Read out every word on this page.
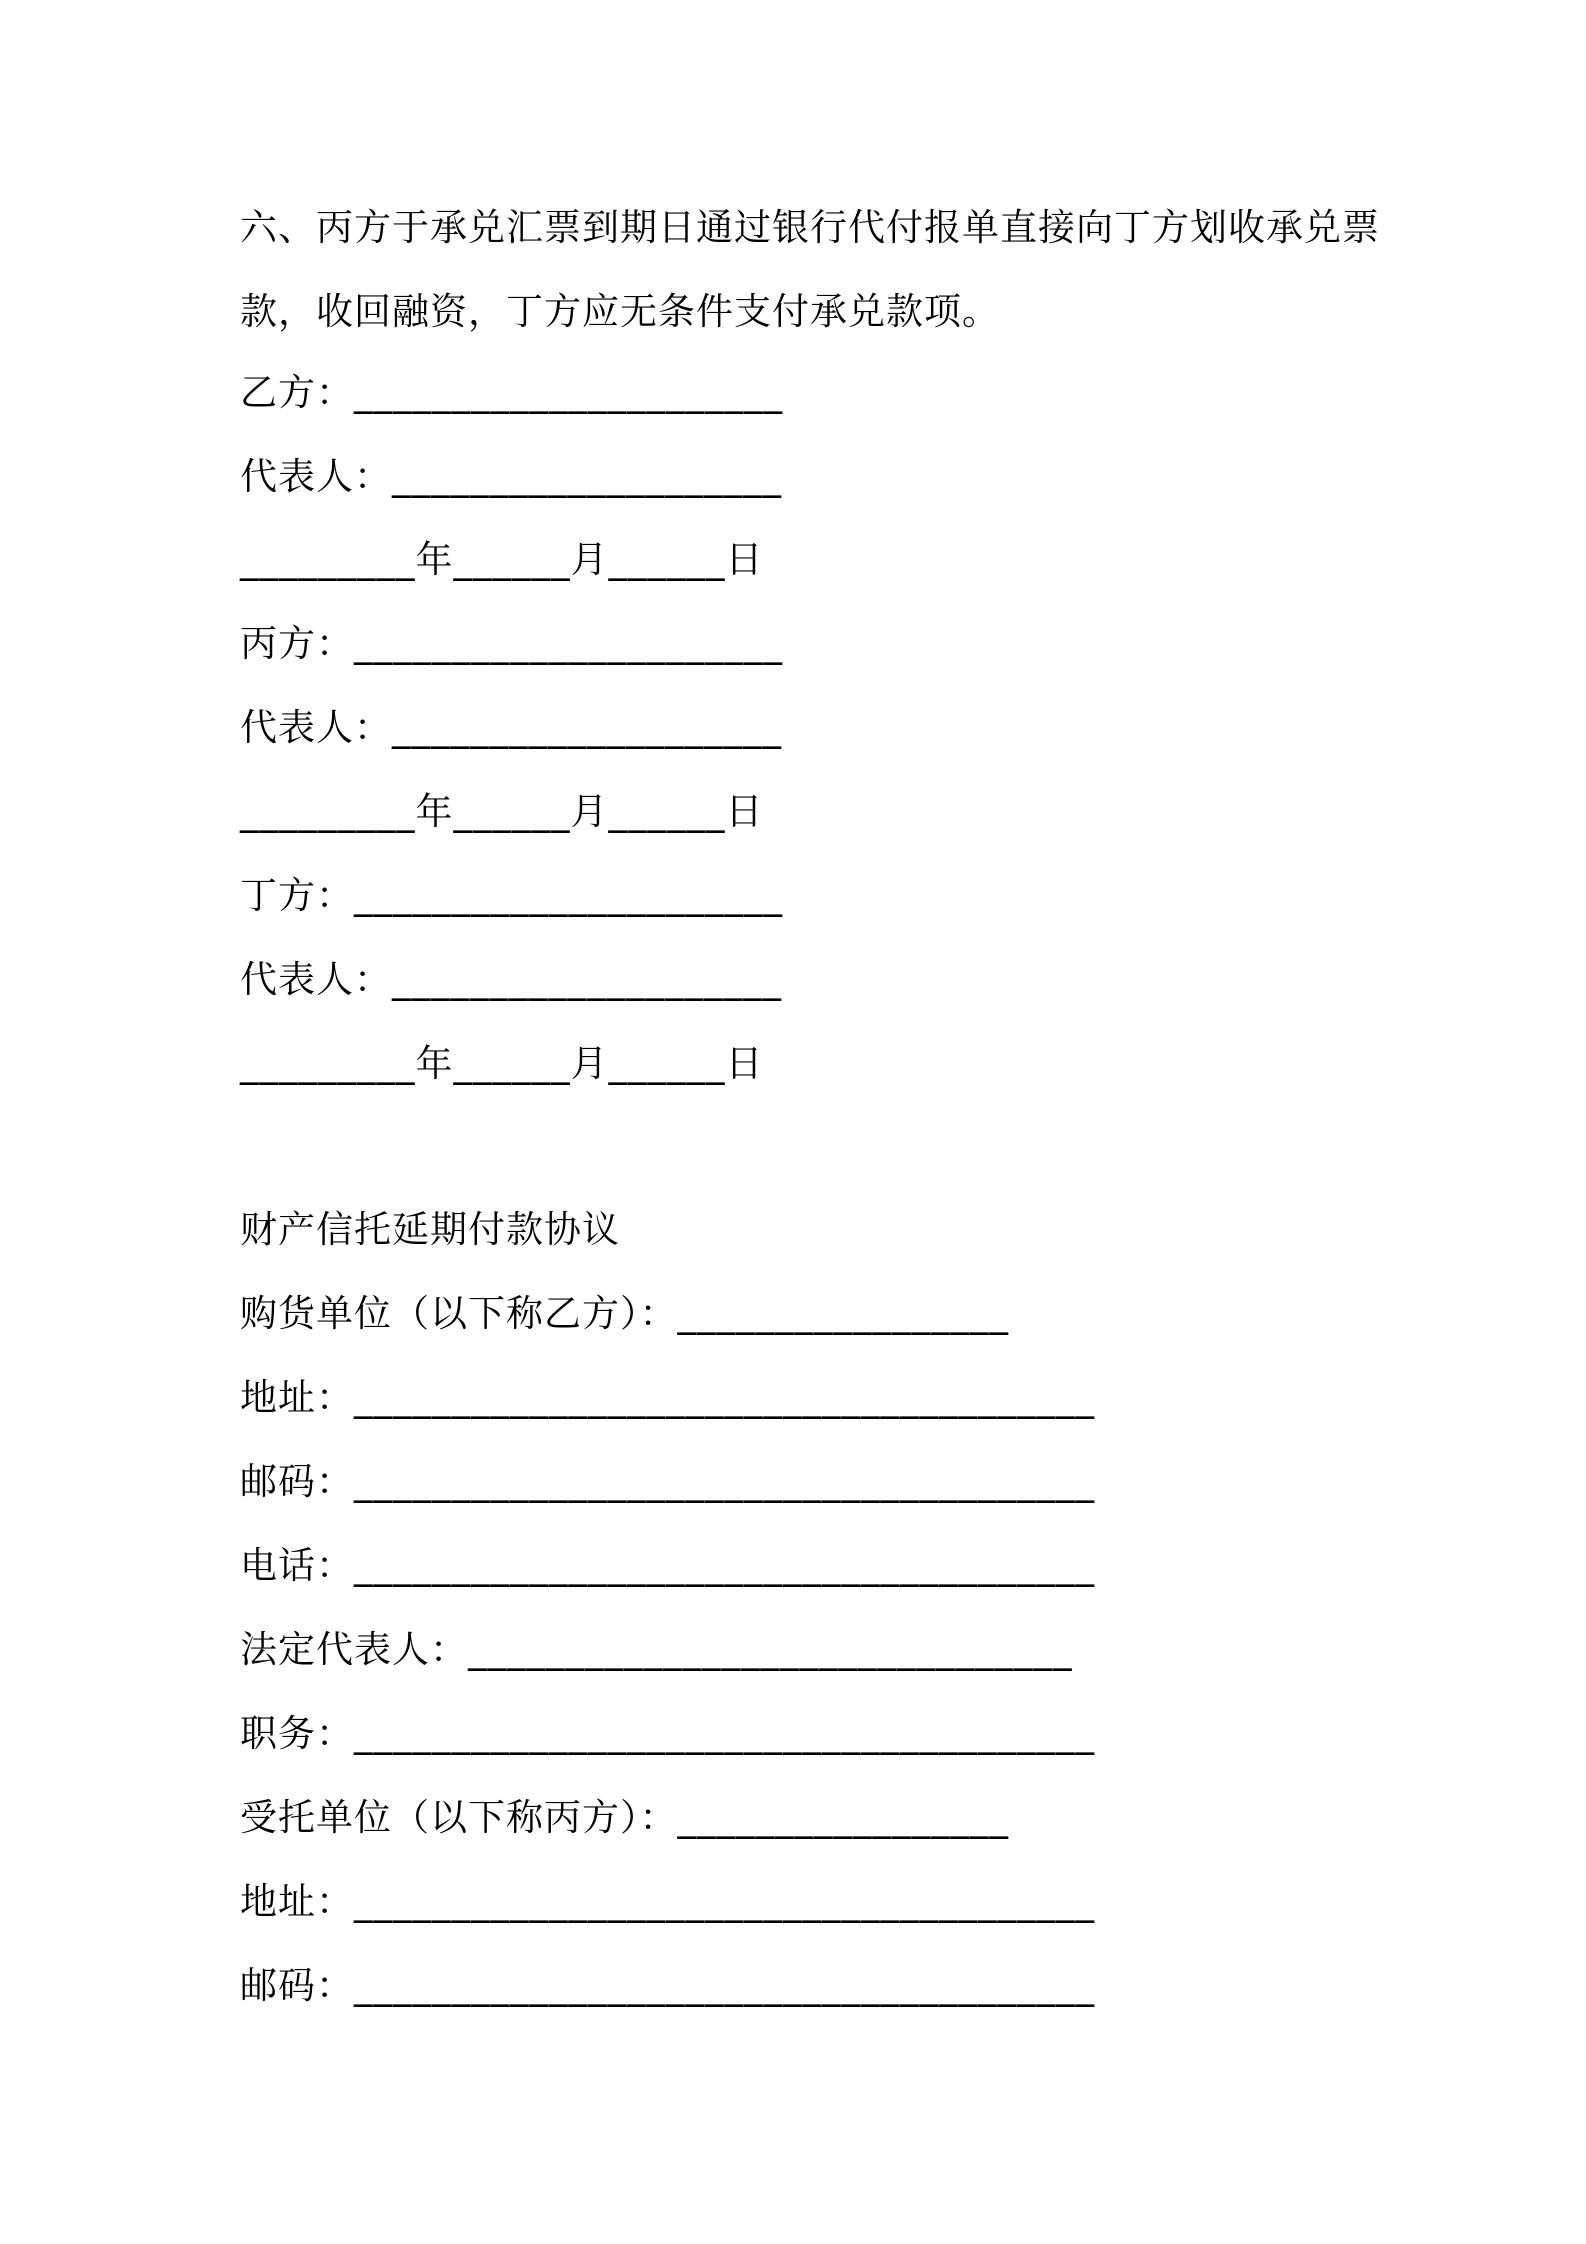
六、丙方于承兑汇票到期日通过银行代付报单直接向丁方划收承兑票
款，收回融资，丁方应无条件支付承兑款项。
乙方：______________________
代表人：____________________
_________年______月______日
丙方：______________________
代表人：____________________
_________年______月______日
丁方：______________________
代表人：____________________
_________年______月______日
财产信托延期付款协议
购货单位（以下称乙方）：_________________
地址：______________________________________
邮码：______________________________________
电话：______________________________________
法定代表人：_______________________________
职务：______________________________________
受托单位（以下称丙方）：_________________
地址：______________________________________
邮码：______________________________________
